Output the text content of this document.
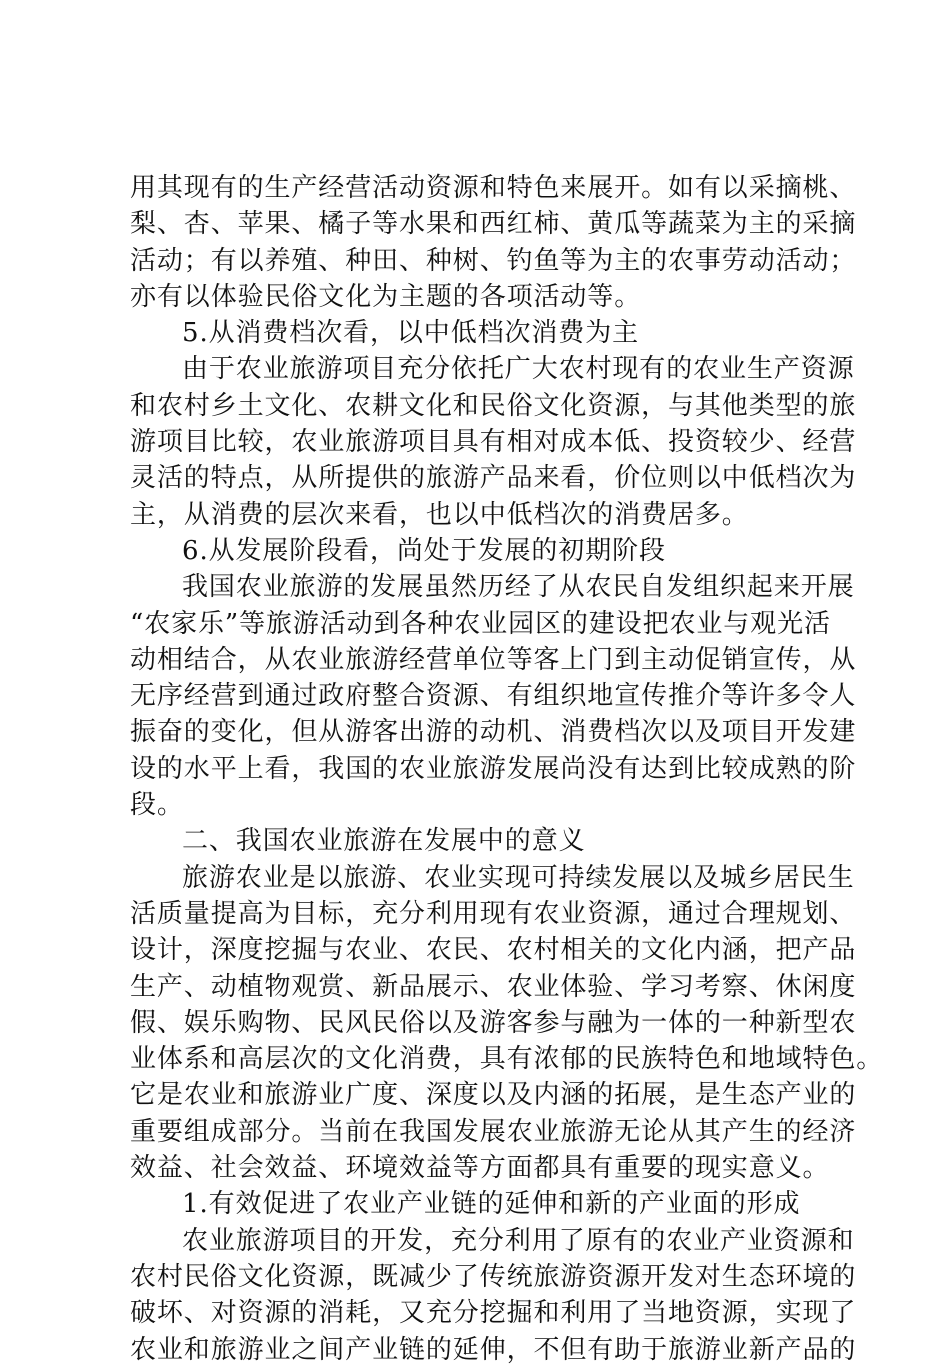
用其现有的生产经营活动资源和特色来展开。如有以采摘桃、
梨、杏、苹果、橘子等水果和西红柿、黄瓜等蔬菜为主的采摘
活动；有以养殖、种田、种树、钓鱼等为主的农事劳动活动；
亦有以体验民俗文化为主题的各项活动等。
5.从消费档次看，以中低档次消费为主
由于农业旅游项目充分依托广大农村现有的农业生产资源
和农村乡土文化、农耕文化和民俗文化资源，与其他类型的旅
游项目比较，农业旅游项目具有相对成本低、投资较少、经营
灵活的特点，从所提供的旅游产品来看，价位则以中低档次为
主，从消费的层次来看，也以中低档次的消费居多。
6.从发展阶段看，尚处于发展的初期阶段
我国农业旅游的发展虽然历经了从农民自发组织起来开展
“农家乐”等旅游活动到各种农业园区的建设把农业与观光活
动相结合，从农业旅游经营单位等客上门到主动促销宣传，从
无序经营到通过政府整合资源、有组织地宣传推介等许多令人
振奋的变化，但从游客出游的动机、消费档次以及项目开发建
设的水平上看，我国的农业旅游发展尚没有达到比较成熟的阶
段。
二、我国农业旅游在发展中的意义
旅游农业是以旅游、农业实现可持续发展以及城乡居民生
活质量提高为目标，充分利用现有农业资源，通过合理规划、
设计，深度挖掘与农业、农民、农村相关的文化内涵，把产品
生产、动植物观赏、新品展示、农业体验、学习考察、休闲度
假、娱乐购物、民风民俗以及游客参与融为一体的一种新型农
业体系和高层次的文化消费，具有浓郁的民族特色和地域特色。
它是农业和旅游业广度、深度以及内涵的拓展，是生态产业的
重要组成部分。当前在我国发展农业旅游无论从其产生的经济
效益、社会效益、环境效益等方面都具有重要的现实意义。
1.有效促进了农业产业链的延伸和新的产业面的形成
农业旅游项目的开发，充分利用了原有的农业产业资源和
农村民俗文化资源，既减少了传统旅游资源开发对生态环境的
破坏、对资源的消耗，又充分挖掘和利用了当地资源，实现了
农业和旅游业之间产业链的延伸，不但有助于旅游业新产品的
